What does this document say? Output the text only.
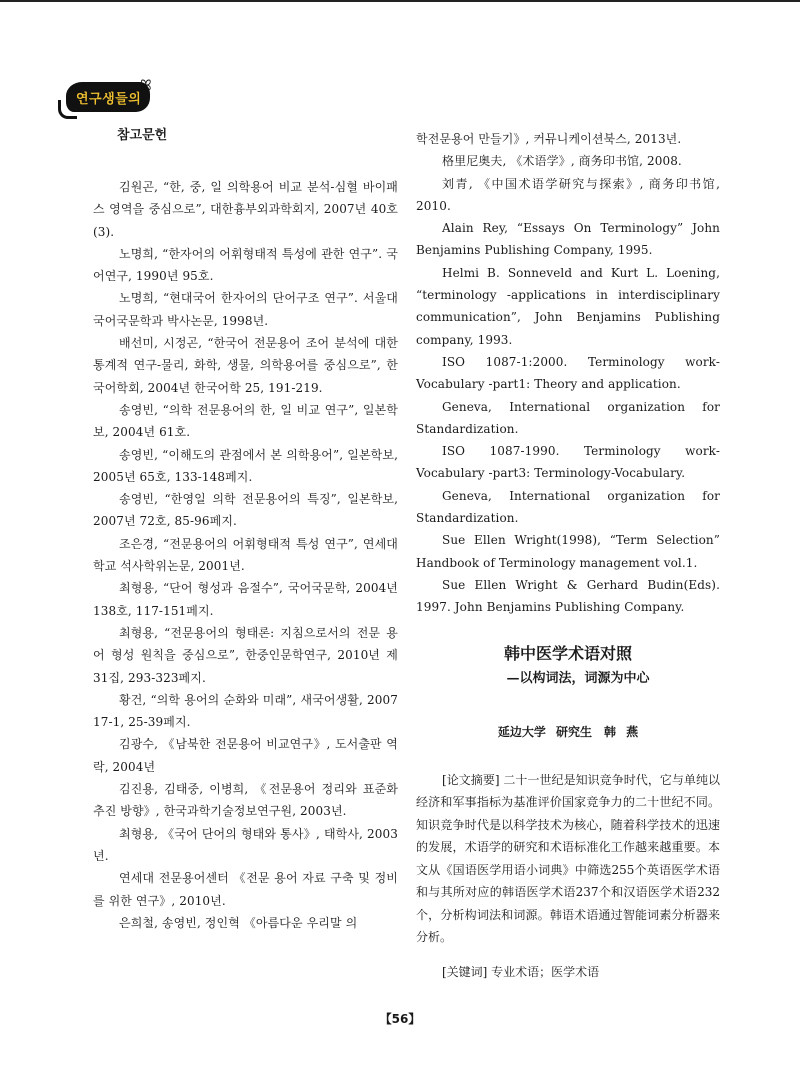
연구생들의
ꕤ
참고문헌

김원곤, “한, 중, 일 의학용어 비교 분석-심혈 바이패스 영역을 중심으로”, 대한흉부외과학회지, 2007년 40호(3).

노명희, “한자어의 어휘형태적 특성에 관한 연구”. 국어연구, 1990년 95호.

노명희, “현대국어 한자어의 단어구조 연구”. 서울대 국어국문학과 박사논문, 1998년.

배선미, 시정곤, “한국어 전문용어 조어 분석에 대한 통계적 연구-물리, 화학, 생물, 의학용어를 중심으로”, 한국어학회, 2004년 한국어학 25, 191-219.

송영빈, “의학 전문용어의 한, 일 비교 연구”, 일본학보, 2004년 61호.

송영빈, “이해도의 관점에서 본 의학용어”, 일본학보, 2005년 65호, 133-148페지.

송영빈, “한영일 의학 전문용어의 특징”, 일본학보, 2007년 72호, 85-96페지.

조은경, “전문용어의 어휘형태적 특성 연구”, 연세대학교 석사학위논문, 2001년.

최형용, “단어 형성과 음절수”, 국어국문학, 2004년 138호, 117-151페지.

최형용, “전문용어의 형태론: 지침으로서의 전문 용어 형성 원칙을 중심으로”, 한중인문학연구, 2010년 제31집, 293-323페지.

황건, “의학 용어의 순화와 미래”, 새국어생활, 2007 17-1, 25-39페지.

김광수, 《남북한 전문용어 비교연구》, 도서출판 역락, 2004년

김진용, 김태중, 이병희, 《전문용어 정리와 표준화 추진 방향》, 한국과학기술정보연구원, 2003년.

최형용, 《국어 단어의 형태와 통사》, 태학사, 2003년.

연세대 전문용어센터 《전문 용어 자료 구축 및 정비를 위한 연구》, 2010년.

은희철, 송영빈, 정인혁 《아름다운 우리말 의

학전문용어 만들기》, 커뮤니케이션북스, 2013년.

格里尼奥夫, 《术语学》, 商务印书馆, 2008.

刘青, 《中国术语学研究与探索》, 商务印书馆, 2010.

Alain Rey, “Essays On Terminology” John Benjamins Publishing Company, 1995.

Helmi B. Sonneveld and Kurt L. Loening, “terminology -applications in interdisciplinary communication”, John Benjamins Publishing company, 1993.

ISO 1087-1:2000. Terminology work-Vocabulary -part1: Theory and application.

Geneva, International organization for Standardization.

ISO 1087-1990. Terminology work-Vocabulary -part3: Terminology-Vocabulary.

Geneva, International organization for Standardization.

Sue Ellen Wright(1998), “Term Selection” Handbook of Terminology management vol.1.

Sue Ellen Wright & Gerhard Budin(Eds). 1997. John Benjamins Publishing Company.

韩中医学术语对照
—以构词法，词源为中心
延边大学 研究生　韩 燕

[论文摘要] 二十一世纪是知识竞争时代，它与单纯以经济和军事指标为基准评价国家竞争力的二十世纪不同。知识竞争时代是以科学技术为核心，随着科学技术的迅速的发展，术语学的研究和术语标准化工作越来越重要。本文从《国语医学用语小词典》中筛选255个英语医学术语和与其所对应的韩语医学术语237个和汉语医学术语232个，分析构词法和词源。韩语术语通过智能词素分析器来分析。

[关键词] 专业术语；医学术语

【56】
